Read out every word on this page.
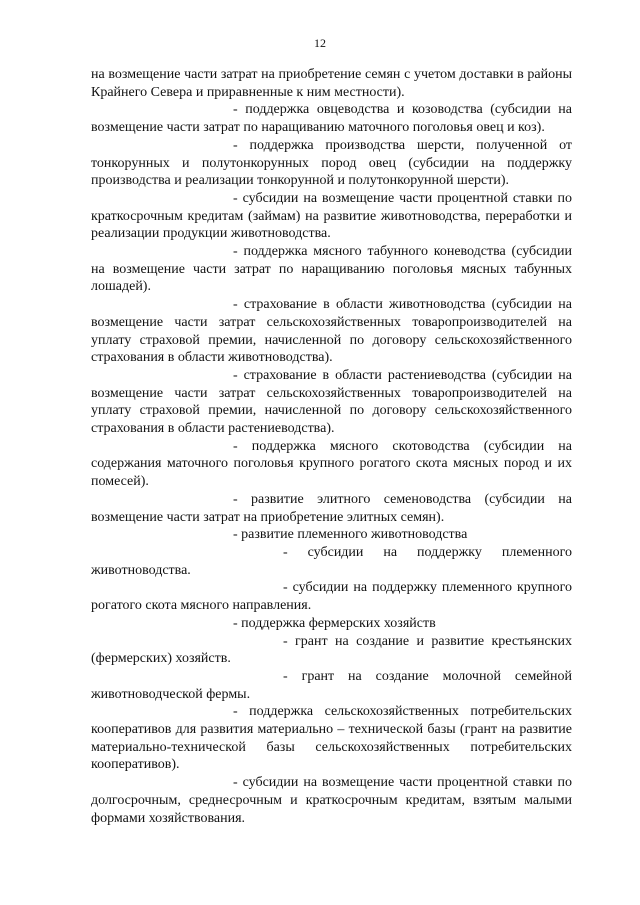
12

на возмещение части затрат на приобретение семян с учетом доставки в районы Крайнего Севера и приравненные к ним местности).

- поддержка овцеводства и козоводства (субсидии на возмещение части затрат по наращиванию маточного поголовья овец и коз).

- поддержка производства шерсти, полученной от тонкорунных и полутонкорунных пород овец (субсидии на поддержку производства и реализации тонкорунной и полутонкорунной шерсти).

- субсидии на возмещение части процентной ставки по краткосрочным кредитам (займам) на развитие животноводства, переработки и реализации продукции животноводства.

- поддержка мясного табунного коневодства (субсидии на возмещение части затрат по наращиванию поголовья мясных табунных лошадей).

- страхование в области животноводства (субсидии на возмещение части затрат сельскохозяйственных товаропроизводителей на уплату страховой премии, начисленной по договору сельскохозяйственного страхования в области животноводства).

- страхование в области растениеводства (субсидии на возмещение части затрат сельскохозяйственных товаропроизводителей на уплату страховой премии, начисленной по договору сельскохозяйственного страхования в области растениеводства).

- поддержка мясного скотоводства (субсидии на содержания маточного поголовья крупного рогатого скота мясных пород и их помесей).

- развитие элитного семеноводства (субсидии на возмещение части затрат на приобретение элитных семян).

- развитие племенного животноводства

- субсидии на поддержку племенного животноводства.

- субсидии на поддержку племенного крупного рогатого скота мясного направления.

- поддержка фермерских хозяйств

- грант на создание и развитие крестьянских (фермерских) хозяйств.

- грант на создание молочной семейной животноводческой фермы.

- поддержка сельскохозяйственных потребительских кооперативов для развития материально – технической базы (грант на развитие материально-технической базы сельскохозяйственных потребительских кооперативов).

- субсидии на возмещение части процентной ставки по долгосрочным, среднесрочным и краткосрочным кредитам, взятым малыми формами хозяйствования.
